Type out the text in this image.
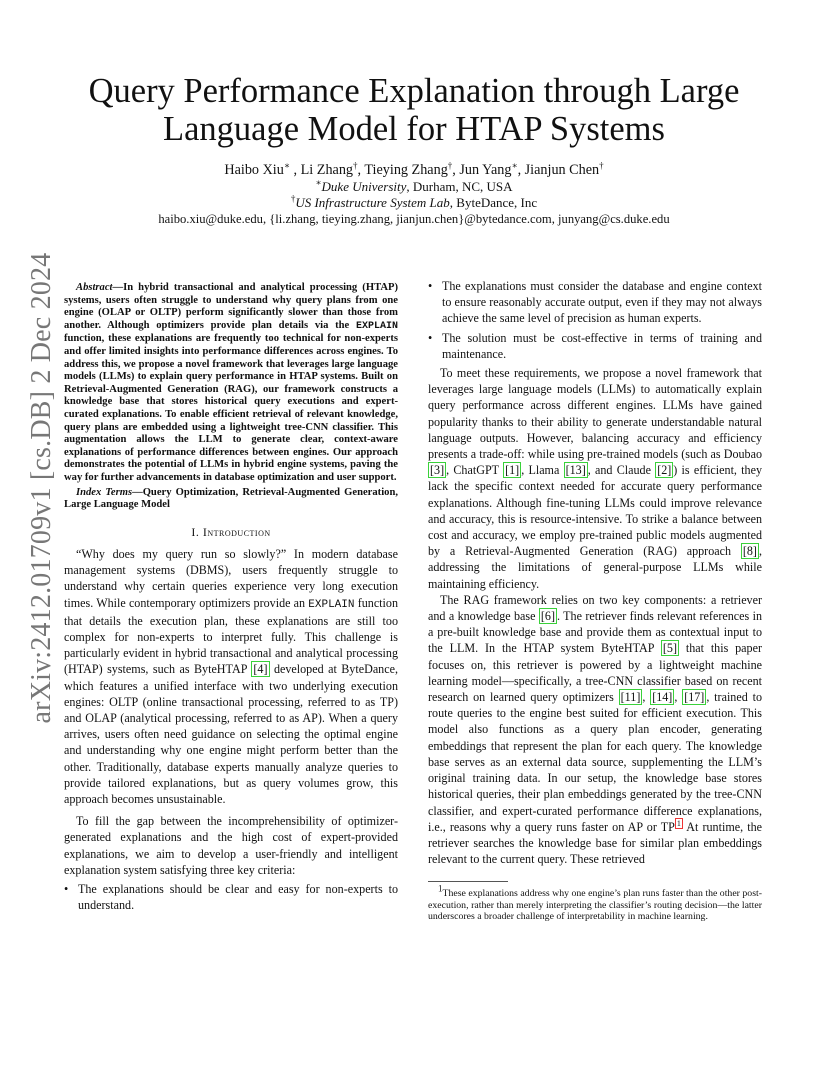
arXiv:2412.01709v1 [cs.DB] 2 Dec 2024
Query Performance Explanation through Large Language Model for HTAP Systems
Haibo Xiu∗ , Li Zhang†, Tieying Zhang†, Jun Yang∗, Jianjun Chen†
∗Duke University, Durham, NC, USA
†US Infrastructure System Lab, ByteDance, Inc
haibo.xiu@duke.edu, {li.zhang, tieying.zhang, jianjun.chen}@bytedance.com, junyang@cs.duke.edu

Abstract—In hybrid transactional and analytical processing (HTAP) systems, users often struggle to understand why query plans from one engine (OLAP or OLTP) perform significantly slower than those from another. Although optimizers provide plan details via the EXPLAIN function, these explanations are frequently too technical for non-experts and offer limited insights into performance differences across engines. To address this, we propose a novel framework that leverages large language models (LLMs) to explain query performance in HTAP systems. Built on Retrieval-Augmented Generation (RAG), our framework constructs a knowledge base that stores historical query executions and expert-curated explanations. To enable efficient retrieval of relevant knowledge, query plans are embedded using a lightweight tree-CNN classifier. This augmentation allows the LLM to generate clear, context-aware explanations of performance differences between engines. Our approach demonstrates the potential of LLMs in hybrid engine systems, paving the way for further advancements in database optimization and user support.

Index Terms—Query Optimization, Retrieval-Augmented Generation, Large Language Model

I. Introduction

“Why does my query run so slowly?” In modern database management systems (DBMS), users frequently struggle to understand why certain queries experience very long execution times. While contemporary optimizers provide an EXPLAIN function that details the execution plan, these explanations are still too complex for non-experts to interpret fully. This challenge is particularly evident in hybrid transactional and analytical processing (HTAP) systems, such as ByteHTAP [4] developed at ByteDance, which features a unified interface with two underlying execution engines: OLTP (online transactional processing, referred to as TP) and OLAP (analytical processing, referred to as AP). When a query arrives, users often need guidance on selecting the optimal engine and understanding why one engine might perform better than the other. Traditionally, database experts manually analyze queries to provide tailored explanations, but as query volumes grow, this approach becomes unsustainable.

To fill the gap between the incomprehensibility of optimizer-generated explanations and the high cost of expert-provided explanations, we aim to develop a user-friendly and intelligent explanation system satisfying three key criteria:

• The explanations should be clear and easy for non-experts to understand.
• The explanations must consider the database and engine context to ensure reasonably accurate output, even if they may not always achieve the same level of precision as human experts.
• The solution must be cost-effective in terms of training and maintenance.

To meet these requirements, we propose a novel framework that leverages large language models (LLMs) to automatically explain query performance across different engines. LLMs have gained popularity thanks to their ability to generate understandable natural language outputs. However, balancing accuracy and efficiency presents a trade-off: while using pre-trained models (such as Doubao [3] , ChatGPT [1] , Llama [13] , and Claude [2] ) is efficient, they lack the specific context needed for accurate query performance explanations. Although fine-tuning LLMs could improve relevance and accuracy, this is resource-intensive. To strike a balance between cost and accuracy, we employ pre-trained public models augmented by a Retrieval-Augmented Generation (RAG) approach [8] , addressing the limitations of general-purpose LLMs while maintaining efficiency.

The RAG framework relies on two key components: a retriever and a knowledge base [6] . The retriever finds relevant references in a pre-built knowledge base and provide them as contextual input to the LLM. In the HTAP system ByteHTAP [5] that this paper focuses on, this retriever is powered by a lightweight machine learning model—specifically, a tree-CNN classifier based on recent research on learned query optimizers [11] , [14] , [17] , trained to route queries to the engine best suited for efficient execution. This model also functions as a query plan encoder, generating embeddings that represent the plan for each query. The knowledge base serves as an external data source, supplementing the LLM’s original training data. In our setup, the knowledge base stores historical queries, their plan embeddings generated by the tree-CNN classifier, and expert-curated performance difference explanations, i.e., reasons why a query runs faster on AP or TP $^1$ At runtime, the retriever searches the knowledge base for similar plan embeddings relevant to the current query. These retrieved

$^1$These explanations address why one engine’s plan runs faster than the other post-execution, rather than merely interpreting the classifier’s routing decision—the latter underscores a broader challenge of interpretability in machine learning.
